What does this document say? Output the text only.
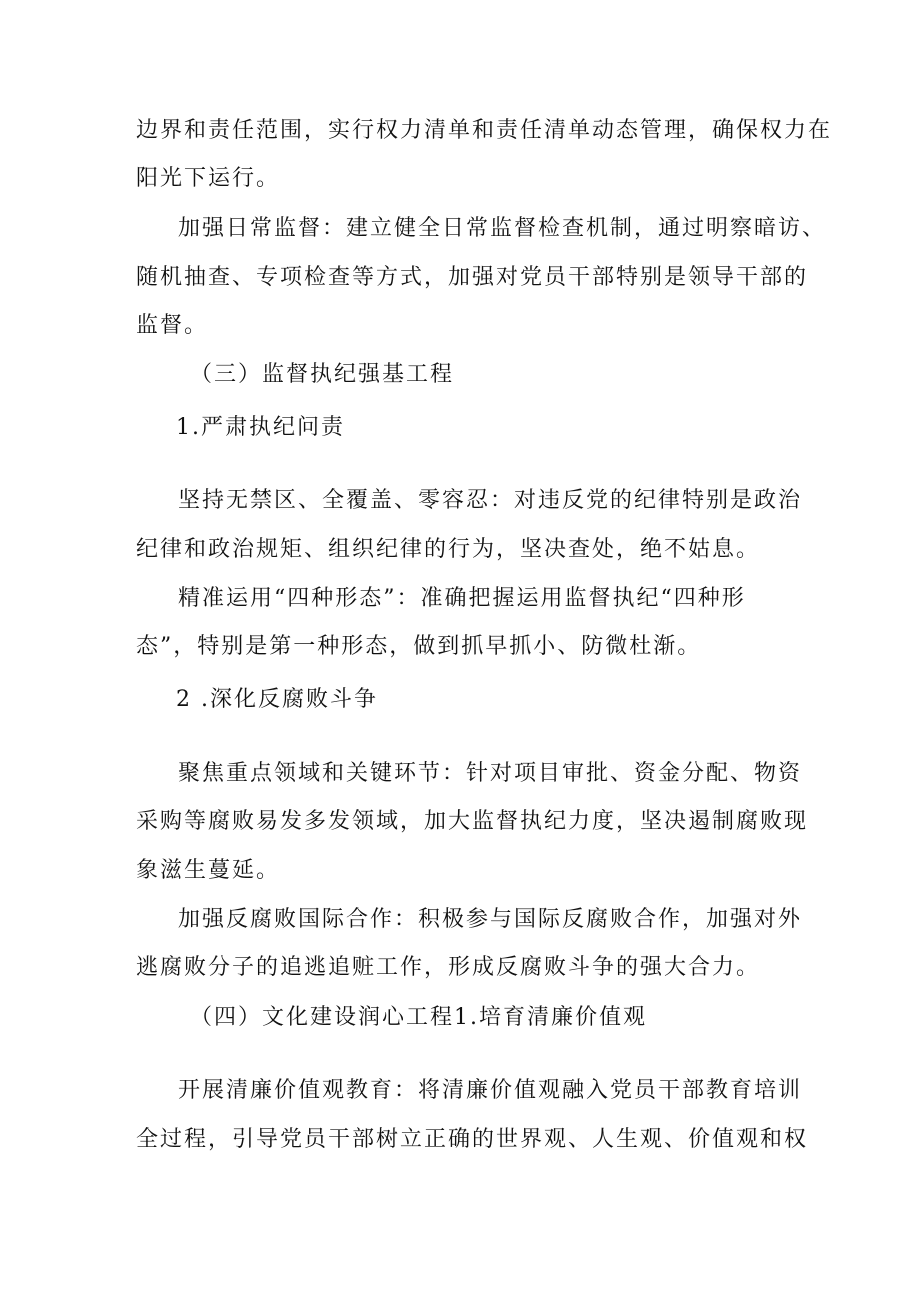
边界和责任范围，实行权力清单和责任清单动态管理，确保权力在
阳光下运行。
加强日常监督：建立健全日常监督检查机制，通过明察暗访、
随机抽查、专项检查等方式，加强对党员干部特别是领导干部的
监督。
（三）监督执纪强基工程
1.严肃执纪问责
坚持无禁区、全覆盖、零容忍：对违反党的纪律特别是政治
纪律和政治规矩、组织纪律的行为，坚决查处，绝不姑息。
精准运用“四种形态”：准确把握运用监督执纪“四种形
态”，特别是第一种形态，做到抓早抓小、防微杜渐。
2 .深化反腐败斗争
聚焦重点领域和关键环节：针对项目审批、资金分配、物资
采购等腐败易发多发领域，加大监督执纪力度，坚决遏制腐败现
象滋生蔓延。
加强反腐败国际合作：积极参与国际反腐败合作，加强对外
逃腐败分子的追逃追赃工作，形成反腐败斗争的强大合力。
（四）文化建设润心工程1.培育清廉价值观
开展清廉价值观教育：将清廉价值观融入党员干部教育培训
全过程，引导党员干部树立正确的世界观、人生观、价值观和权
